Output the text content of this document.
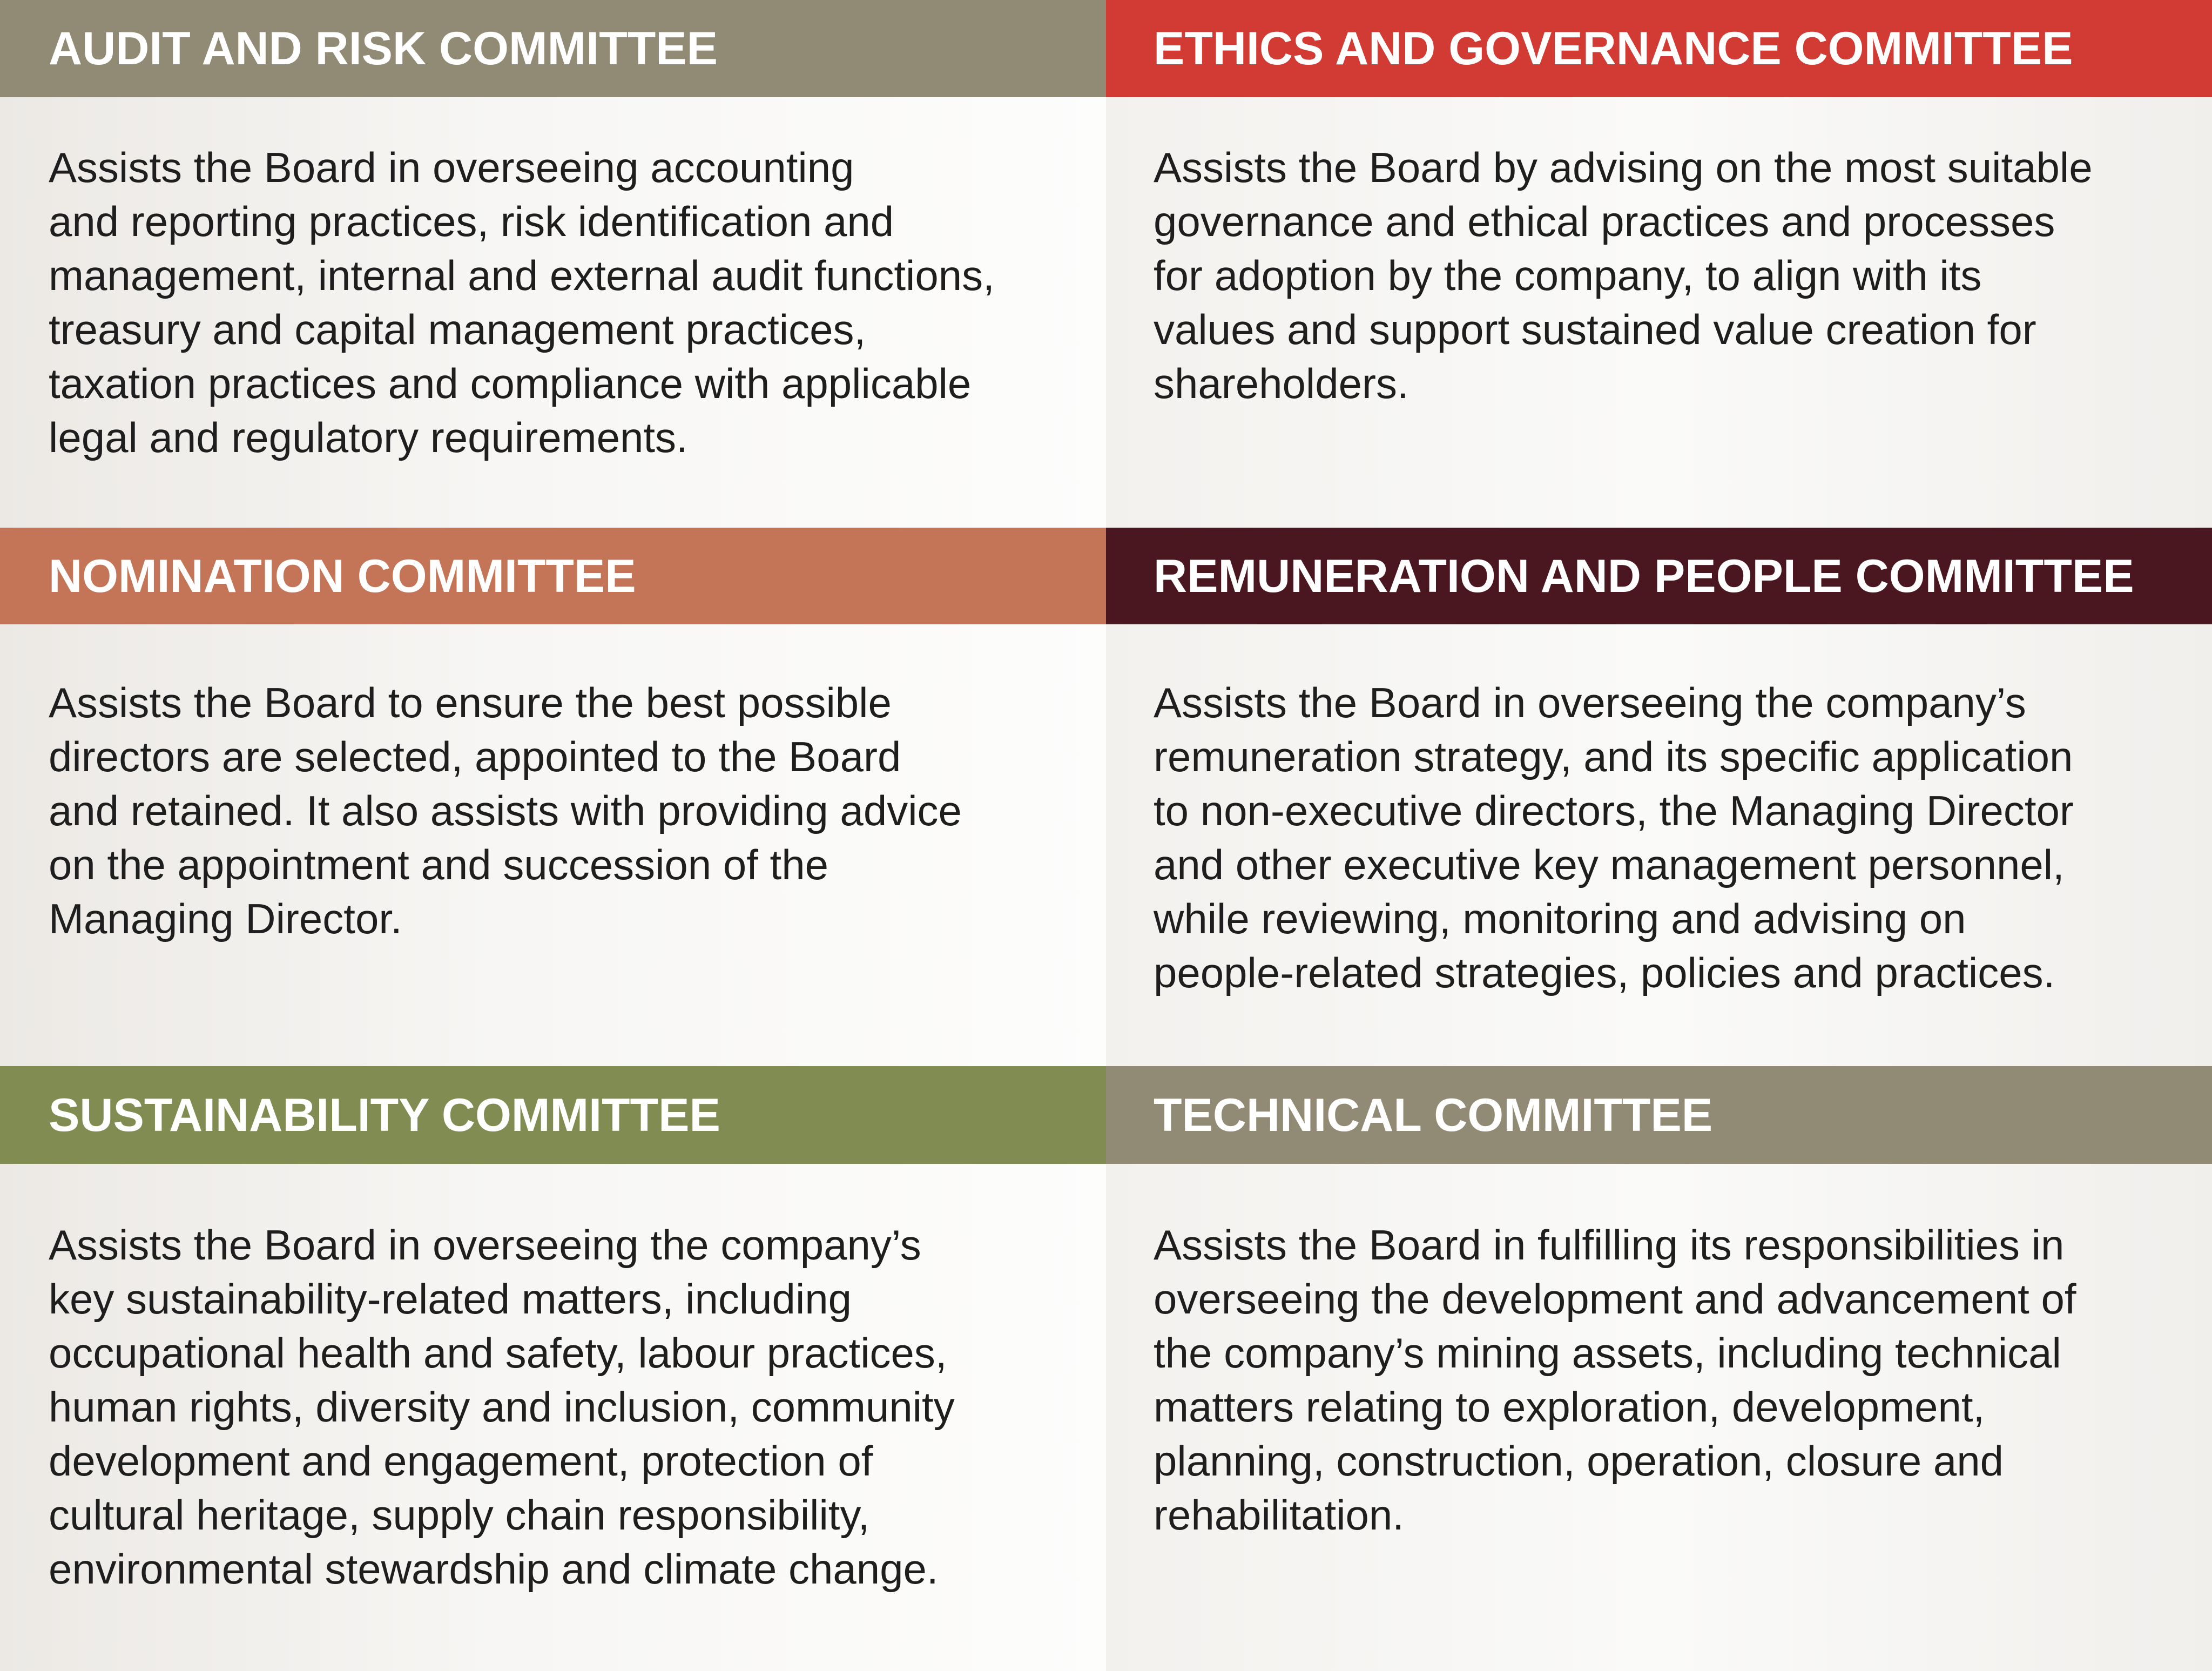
AUDIT AND RISK COMMITTEE

Assists the Board in overseeing accounting
and reporting practices, risk identification and
management, internal and external audit functions,
treasury and capital management practices,
taxation practices and compliance with applicable
legal and regulatory requirements.

ETHICS AND GOVERNANCE COMMITTEE

Assists the Board by advising on the most suitable
governance and ethical practices and processes
for adoption by the company, to align with its
values and support sustained value creation for
shareholders.

NOMINATION COMMITTEE

Assists the Board to ensure the best possible
directors are selected, appointed to the Board
and retained. It also assists with providing advice
on the appointment and succession of the
Managing Director.

REMUNERATION AND PEOPLE COMMITTEE

Assists the Board in overseeing the company’s
remuneration strategy, and its specific application
to non-executive directors, the Managing Director
and other executive key management personnel,
while reviewing, monitoring and advising on
people-related strategies, policies and practices.

SUSTAINABILITY COMMITTEE

Assists the Board in overseeing the company’s
key sustainability-related matters, including
occupational health and safety, labour practices,
human rights, diversity and inclusion, community
development and engagement, protection of
cultural heritage, supply chain responsibility,
environmental stewardship and climate change.

TECHNICAL COMMITTEE

Assists the Board in fulfilling its responsibilities in
overseeing the development and advancement of
the company’s mining assets, including technical
matters relating to exploration, development,
planning, construction, operation, closure and
rehabilitation.
